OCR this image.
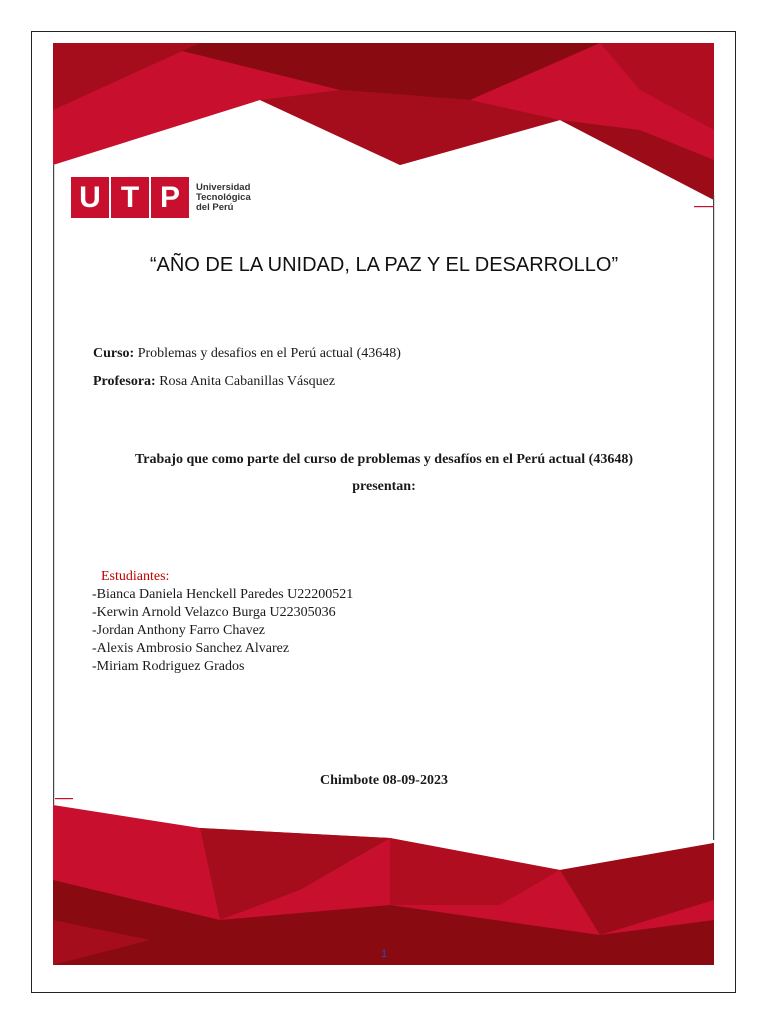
U T P	Universidad
Tecnológica
del Perú
“AÑO DE LA UNIDAD, LA PAZ Y EL DESARROLLO”
Curso: Problemas y desafios en el Perú actual (43648)
Profesora: Rosa Anita Cabanillas Vásquez
Trabajo que como parte del curso de problemas y desafíos en el Perú actual (43648)
presentan:
Estudiantes:
-Bianca Daniela Henckell Paredes U22200521
-Kerwin Arnold Velazco Burga U22305036
-Jordan Anthony Farro Chavez
-Alexis Ambrosio Sanchez Alvarez
-Miriam Rodriguez Grados
Chimbote 08-09-2023
1
